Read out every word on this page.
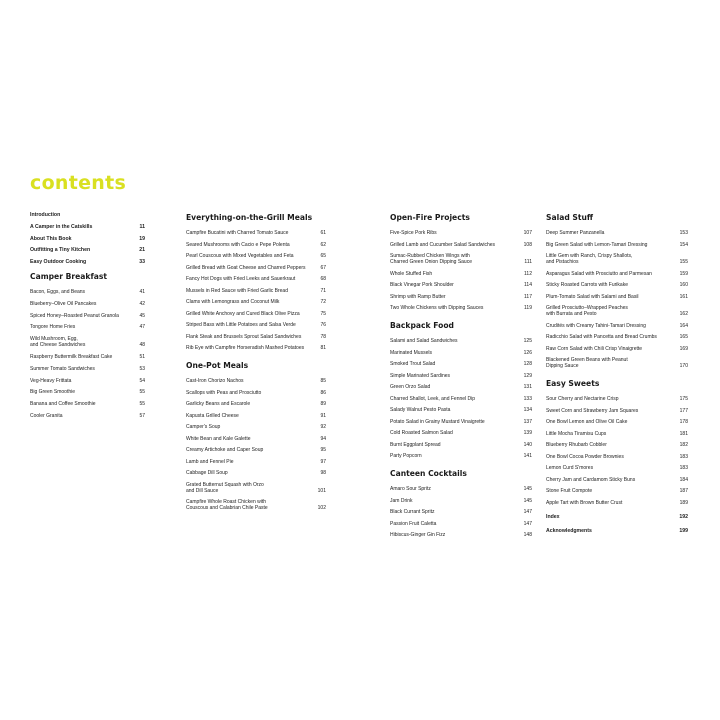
contents
Introduction
A Camper in the Catskills	11
About This Book	19
Outfitting a Tiny Kitchen	21
Easy Outdoor Cooking	33
Camper Breakfast
Bacon, Eggs, and Beans	41
Blueberry–Olive Oil Pancakes	42
Spiced Honey–Roasted Peanut Granola	45
Tongore Home Fries	47
Wild Mushroom, Egg,
and Cheese Sandwiches	48
Raspberry Buttermilk Breakfast Cake	51
Summer Tomato Sandwiches	53
Veg-Heavy Frittata	54
Big Green Smoothie	55
Banana and Coffee Smoothie	55
Cooler Granita	57
Everything-on-the-Grill Meals
Campfire Bucatini with Charred Tomato Sauce	61
Seared Mushrooms with Cacio e Pepe Polenta	62
Pearl Couscous with Mixed Vegetables and Feta	65
Grilled Bread with Goat Cheese and Charred Peppers	67
Fancy Hot Dogs with Fried Leeks and Sauerkraut	68
Mussels in Red Sauce with Fried Garlic Bread	71
Clams with Lemongrass and Coconut Milk	72
Grilled White Anchovy and Cured Black Olive Pizza	75
Striped Bass with Little Potatoes and Salsa Verde	76
Flank Steak and Brussels Sprout Salad Sandwiches	78
Rib Eye with Campfire Horseradish Mashed Potatoes	81
One-Pot Meals
Cast-Iron Chorizo Nachos	85
Scallops with Peas and Prosciutto	86
Garlicky Beans and Escarole	89
Kapusta Grilled Cheese	91
Camper's Soup	92
White Bean and Kale Galette	94
Creamy Artichoke and Caper Soup	95
Lamb and Fennel Pie	97
Cabbage Dill Soup	98
Grated Butternut Squash with Orzo
and Dill Sauce	101
Campfire Whole Roast Chicken with
Couscous and Calabrian Chile Paste	102
Open-Fire Projects
Five-Spice Pork Ribs	107
Grilled Lamb and Cucumber Salad Sandwiches	108
Sumac-Rubbed Chicken Wings with
Charred Green Onion Dipping Sauce	111
Whole Stuffed Fish	112
Black Vinegar Pork Shoulder	114
Shrimp with Ramp Butter	117
Two Whole Chickens with Dipping Sauces	119
Backpack Food
Salami and Salad Sandwiches	125
Marinated Mussels	126
Smoked Trout Salad	128
Simple Marinated Sardines	129
Green Orzo Salad	131
Charred Shallot, Leek, and Fennel Dip	133
Salady Walnut Pesto Pasta	134
Potato Salad in Grainy Mustard Vinaigrette	137
Cold Roasted Salmon Salad	139
Burnt Eggplant Spread	140
Party Popcorn	141
Canteen Cocktails
Amaro Sour Spritz	145
Jam Drink	145
Black Currant Spritz	147
Passion Fruit Caletta	147
Hibiscus-Ginger Gin Fizz	148
Salad Stuff
Deep Summer Panzanella	153
Big Green Salad with Lemon-Tamari Dressing	154
Little Gem with Ranch, Crispy Shallots,
and Pistachios	155
Asparagus Salad with Prosciutto and Parmesan	159
Sticky Roasted Carrots with Furikake	160
Plum-Tomato Salad with Salami and Basil	161
Grilled Prosciutto–Wrapped Peaches
with Burrata and Pesto	162
Crudités with Creamy Tahini-Tamari Dressing	164
Radicchio Salad with Pancetta and Bread Crumbs	165
Raw Corn Salad with Chili Crisp Vinaigrette	169
Blackened Green Beans with Peanut
Dipping Sauce	170
Easy Sweets
Sour Cherry and Nectarine Crisp	175
Sweet Corn and Strawberry Jam Squares	177
One Bowl Lemon and Olive Oil Cake	178
Little Mocha Tiramisu Cups	181
Blueberry Rhubarb Cobbler	182
One Bowl Cocoa Powder Brownies	183
Lemon Curd S'mores	183
Cherry Jam and Cardamom Sticky Buns	184
Stone Fruit Compote	187
Apple Tart with Brown Butter Crust	189
Index	192
Acknowledgments	199
